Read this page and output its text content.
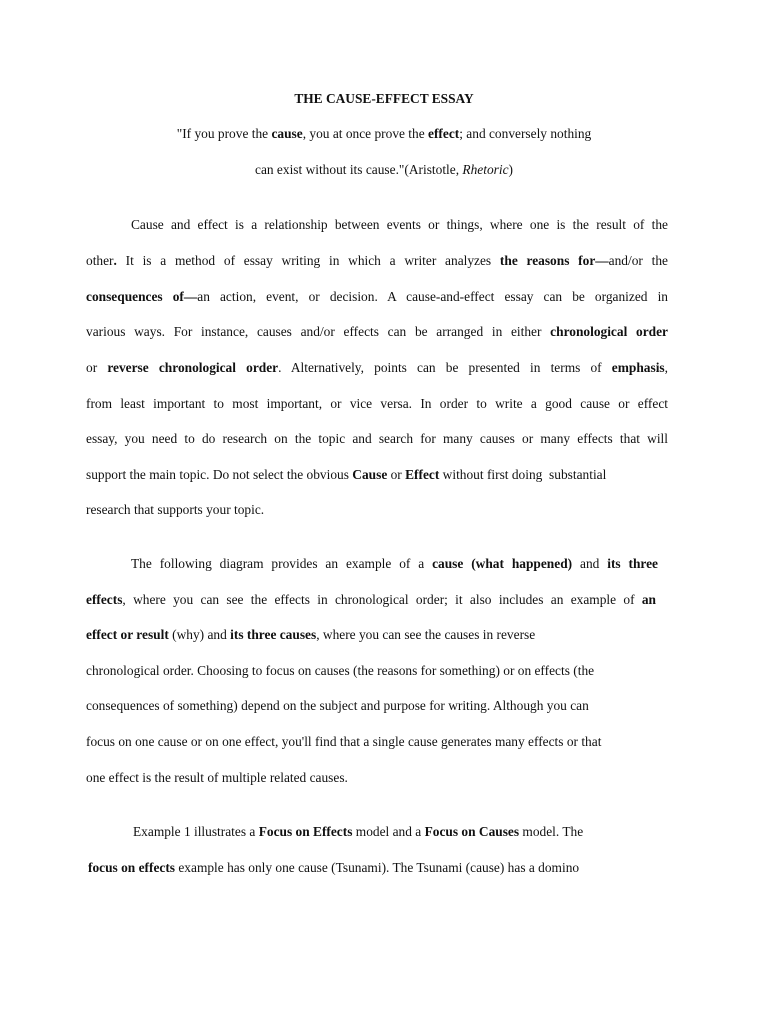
THE CAUSE-EFFECT ESSAY

"If you prove the cause, you at once prove the effect; and conversely nothing

can exist without its cause."(Aristotle, Rhetoric)

Cause and effect is a relationship between events or things, where one is the result of the

other. It is a method of essay writing in which a writer analyzes the reasons for—and/or the

consequences of—an action, event, or decision. A cause-and-effect essay can be organized in

various ways. For instance, causes and/or effects can be arranged in either chronological order

or reverse chronological order. Alternatively, points can be presented in terms of emphasis,

from least important to most important, or vice versa. In order to write a good cause or effect

essay, you need to do research on the topic and search for many causes or many effects that will

support the main topic. Do not select the obvious Cause or Effect without first doing  substantial

research that supports your topic.

The following diagram provides an example of a cause (what happened) and its three

effects, where you can see the effects in chronological order; it also includes an example of an

effect or result (why) and its three causes, where you can see the causes in reverse

chronological order. Choosing to focus on causes (the reasons for something) or on effects (the

consequences of something) depend on the subject and purpose for writing. Although you can

focus on one cause or on one effect, you'll find that a single cause generates many effects or that

one effect is the result of multiple related causes.

Example 1 illustrates a Focus on Effects model and a Focus on Causes model. The

focus on effects example has only one cause (Tsunami). The Tsunami (cause) has a domino
